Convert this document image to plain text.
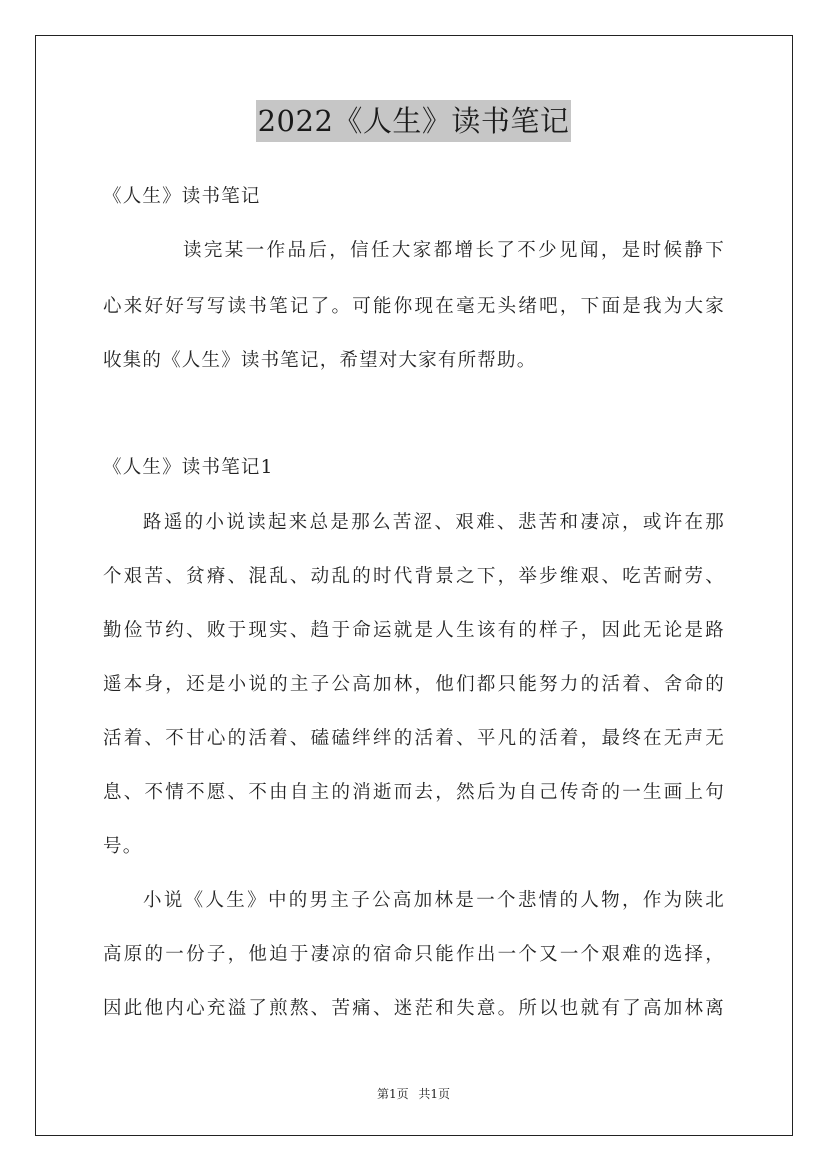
2022《人生》读书笔记
《人生》读书笔记
读完某一作品后，信任大家都增长了不少见闻，是时候静下
心来好好写写读书笔记了。可能你现在毫无头绪吧，下面是我为大家
收集的《人生》读书笔记，希望对大家有所帮助。
《人生》读书笔记1
路遥的小说读起来总是那么苦涩、艰难、悲苦和凄凉，或许在那
个艰苦、贫瘠、混乱、动乱的时代背景之下，举步维艰、吃苦耐劳、
勤俭节约、败于现实、趋于命运就是人生该有的样子，因此无论是路
遥本身，还是小说的主子公高加林，他们都只能努力的活着、舍命的
活着、不甘心的活着、磕磕绊绊的活着、平凡的活着，最终在无声无
息、不情不愿、不由自主的消逝而去，然后为自己传奇的一生画上句
号。
小说《人生》中的男主子公高加林是一个悲情的人物，作为陕北
高原的一份子，他迫于凄凉的宿命只能作出一个又一个艰难的选择，
因此他内心充溢了煎熬、苦痛、迷茫和失意。所以也就有了高加林离
第1页 共1页
